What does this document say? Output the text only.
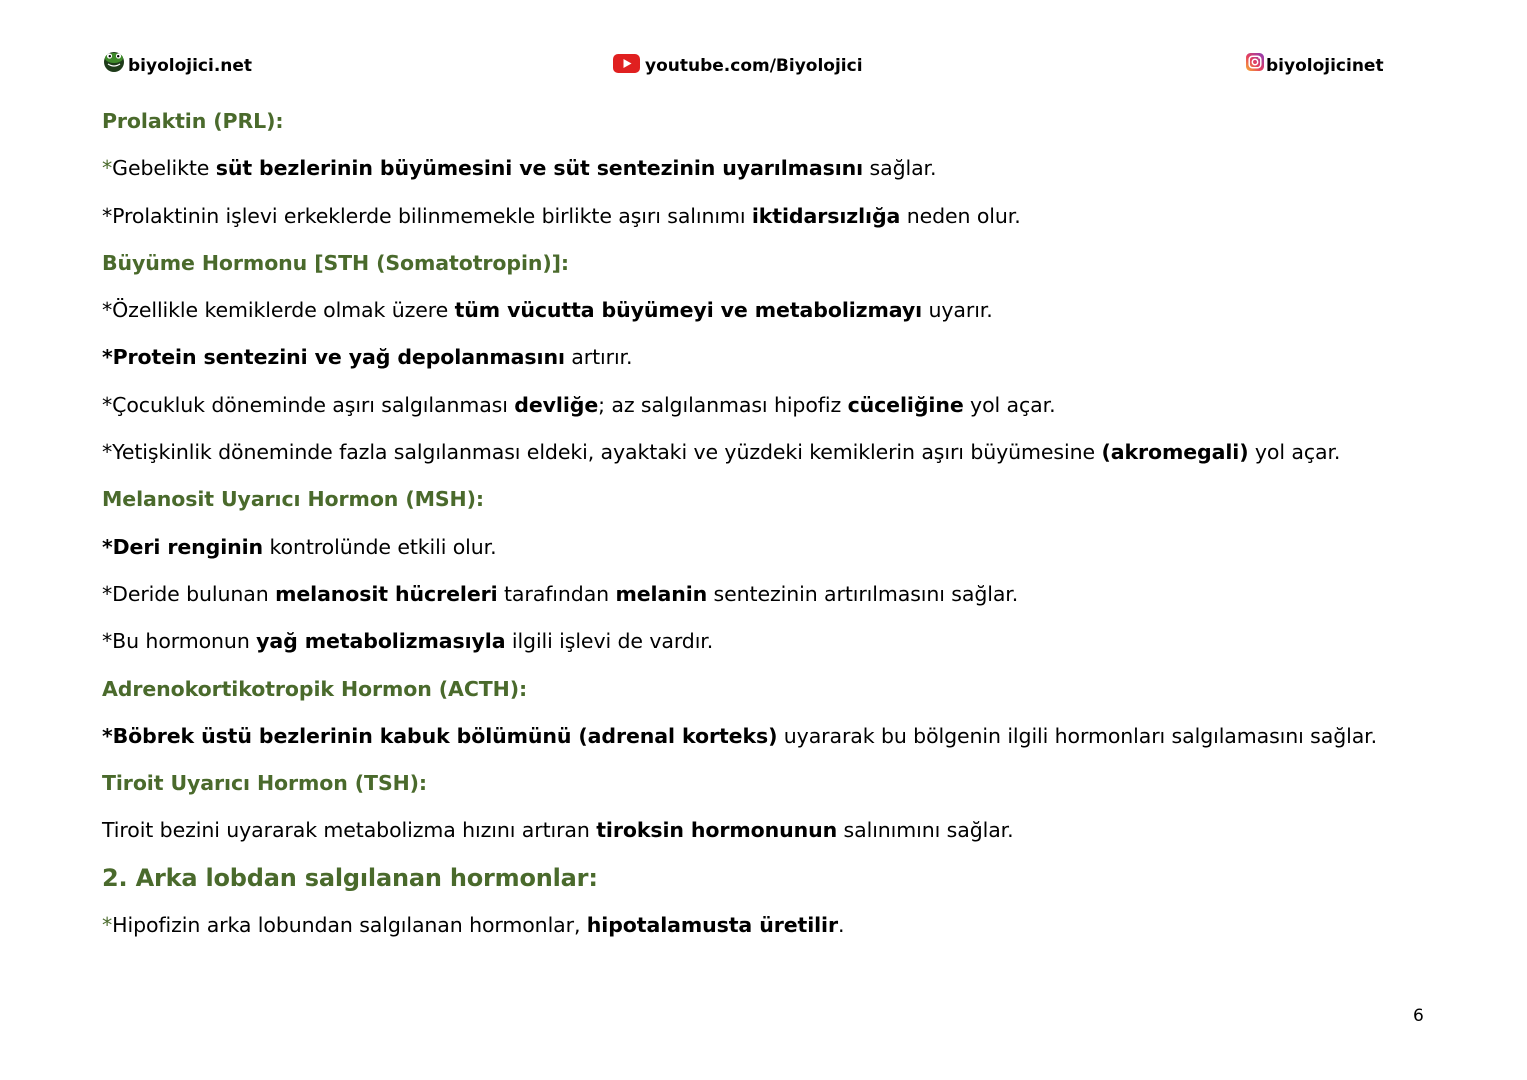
biyolojici.net	youtube.com/Biyolojici	biyolojicinet
Prolaktin (PRL):
*Gebelikte süt bezlerinin büyümesini ve süt sentezinin uyarılmasını sağlar.
*Prolaktinin işlevi erkeklerde bilinmemekle birlikte aşırı salınımı iktidarsızlığa neden olur.
Büyüme Hormonu [STH (Somatotropin)]:
*Özellikle kemiklerde olmak üzere tüm vücutta büyümeyi ve metabolizmayı uyarır.
*Protein sentezini ve yağ depolanmasını artırır.
*Çocukluk döneminde aşırı salgılanması devliğe; az salgılanması hipofiz cüceliğine yol açar.
*Yetişkinlik döneminde fazla salgılanması eldeki, ayaktaki ve yüzdeki kemiklerin aşırı büyümesine (akromegali) yol açar.
Melanosit Uyarıcı Hormon (MSH):
*Deri renginin kontrolünde etkili olur.
*Deride bulunan melanosit hücreleri tarafından melanin sentezinin artırılmasını sağlar.
*Bu hormonun yağ metabolizmasıyla ilgili işlevi de vardır.
Adrenokortikotropik Hormon (ACTH):
*Böbrek üstü bezlerinin kabuk bölümünü (adrenal korteks) uyararak bu bölgenin ilgili hormonları salgılamasını sağlar.
Tiroit Uyarıcı Hormon (TSH):
Tiroit bezini uyararak metabolizma hızını artıran tiroksin hormonunun salınımını sağlar.
2. Arka lobdan salgılanan hormonlar:
*Hipofizin arka lobundan salgılanan hormonlar, hipotalamusta üretilir.
6
